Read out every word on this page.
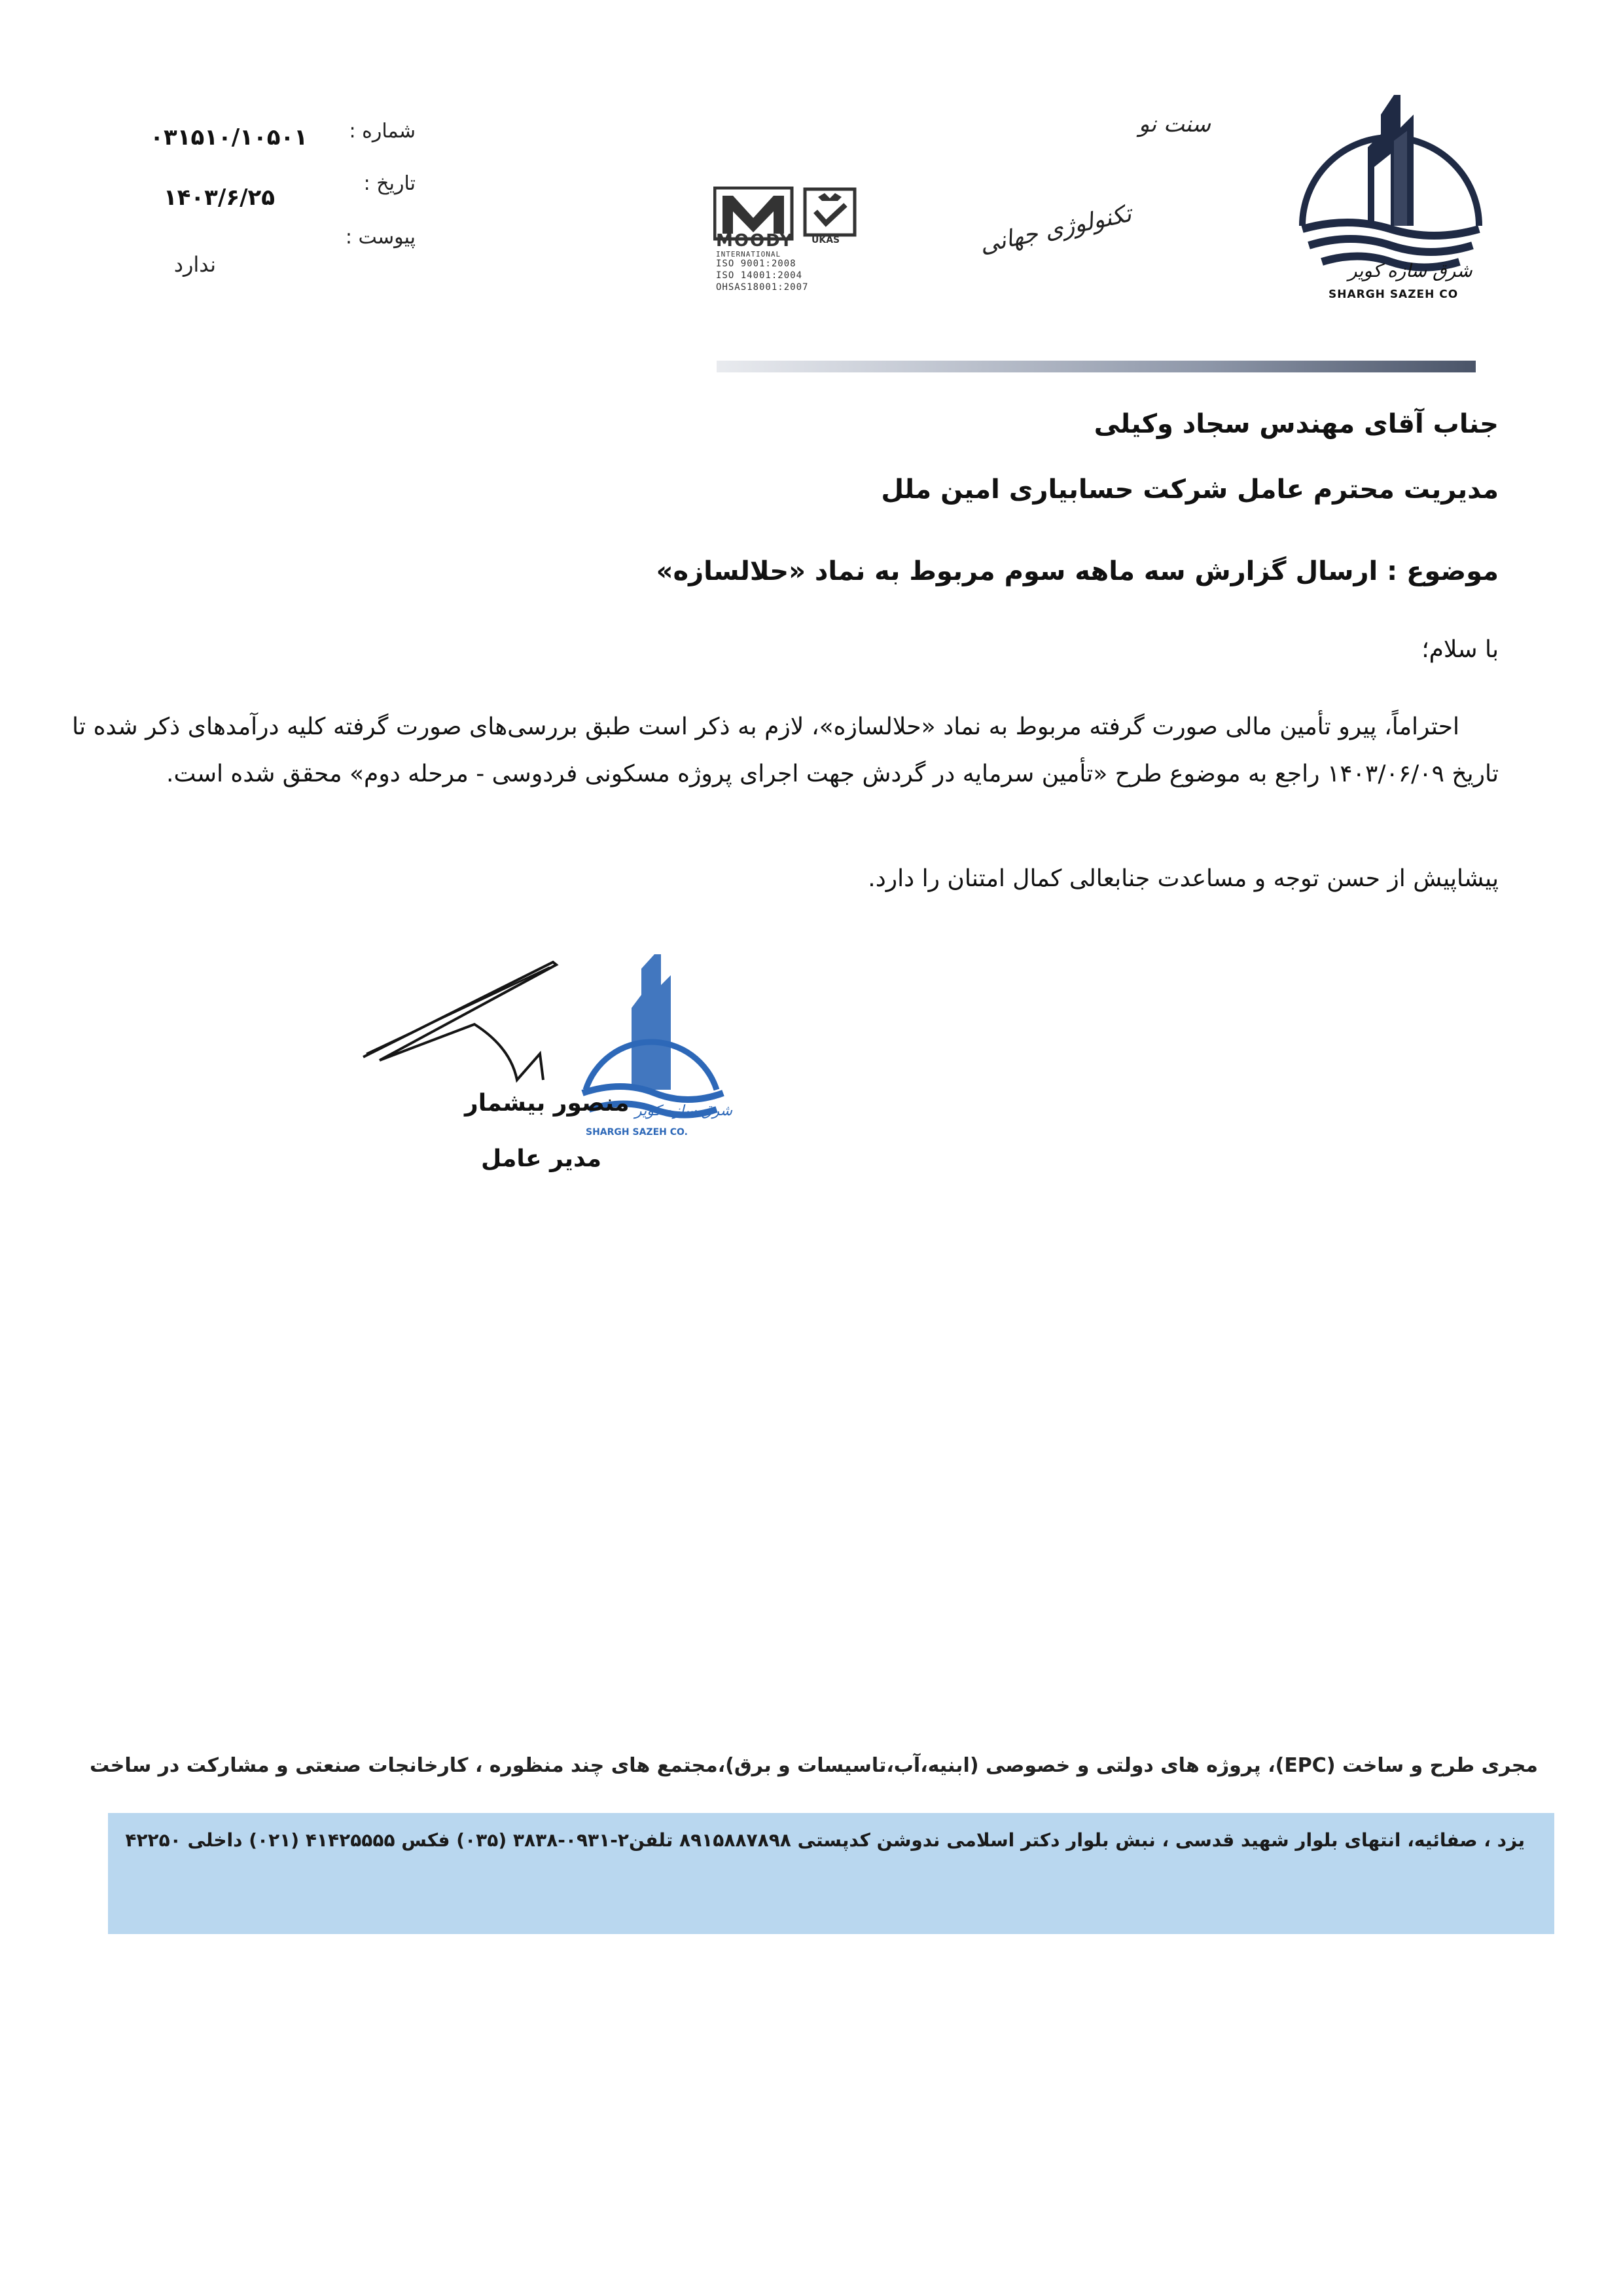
شماره :
۰۳۱۵۱۰/۱۰۵۰۱
تاریخ :
۱۴۰۳/۶/۲۵
پیوست :
ندارد
MOODY
INTERNATIONAL
UKAS
ISO 9001:2008
ISO 14001:2004
OHSAS18001:2007
سنت نو
تکنولوژی جهانی
شرق سازه کویر
SHARGH SAZEH CO
جناب آقای مهندس سجاد وکیلی
مدیریت محترم عامل شرکت حسابیاری امین ملل
موضوع : ارسال گزارش سه ماهه سوم مربوط به نماد «حلالسازه»
با سلام؛
احتراماً، پیرو تأمین مالی صورت گرفته مربوط به نماد «حلالسازه»، لازم به ذکر است طبق بررسی‌های صورت گرفته کلیه درآمدهای ذکر شده تا تاریخ ۱۴۰۳/۰۶/۰۹ راجع به موضوع طرح «تأمین سرمایه در گردش جهت اجرای پروژه مسکونی فردوسی - مرحله دوم» محقق شده است.
پیشاپیش از حسن توجه و مساعدت جنابعالی کمال امتنان را دارد.
شرق سازه کویر
SHARGH SAZEH CO.
منصور بیشمار
مدیر عامل
مجری طرح و ساخت (EPC)، پروژه های دولتی و خصوصی (ابنیه،آب،تاسیسات و برق)،مجتمع های چند منظوره ، کارخانجات صنعتی و مشارکت در ساخت
یزد ، صفائیه، انتهای بلوار شهید قدسی ، نبش بلوار دکتر اسلامی ندوشن کدپستی ۸۹۱۵۸۸۷۸۹۸ تلفن۲-۰۹۳۱-۳۸۳۸ (۰۳۵) فکس ۴۱۴۲۵۵۵۵ (۰۲۱) داخلی ۴۲۲۵۰
